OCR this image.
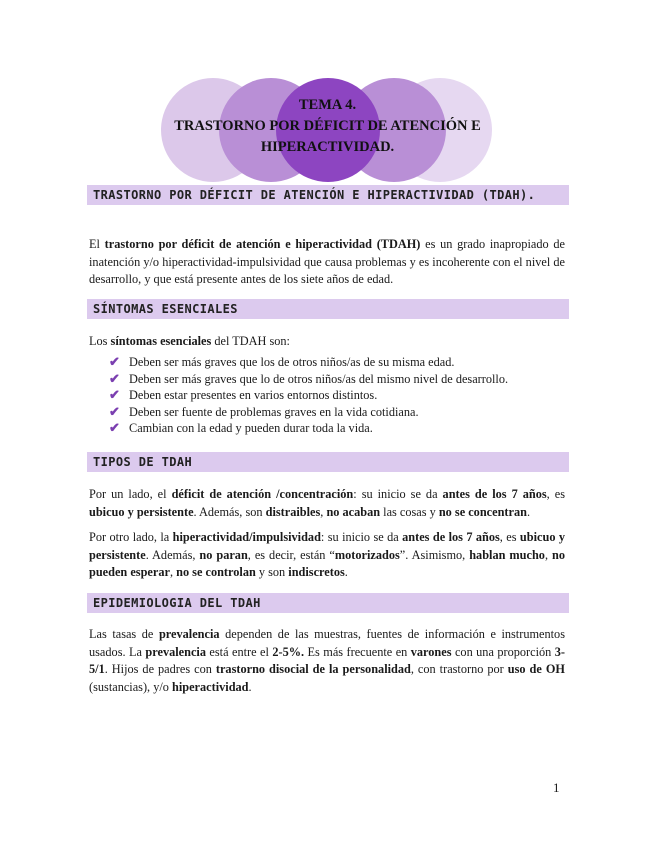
TEMA 4.
TRASTORNO POR DÉFICIT DE ATENCIÓN E
HIPERACTIVIDAD.
TRASTORNO POR DÉFICIT DE ATENCIÓN E HIPERACTIVIDAD (TDAH).
El trastorno por déficit de atención e hiperactividad (TDAH) es un grado inapropiado de inatención y/o hiperactividad-impulsividad que causa problemas y es incoherente con el nivel de desarrollo, y que está presente antes de los siete años de edad.
SÍNTOMAS ESENCIALES
Los síntomas esenciales del TDAH son:
✔ Deben ser más graves que los de otros niños/as de su misma edad.
✔ Deben ser más graves que lo de otros niños/as del mismo nivel de desarrollo.
✔ Deben estar presentes en varios entornos distintos.
✔ Deben ser fuente de problemas graves en la vida cotidiana.
✔ Cambian con la edad y pueden durar toda la vida.
TIPOS DE TDAH
Por un lado, el déficit de atención /concentración: su inicio se da antes de los 7 años, es ubicuo y persistente. Además, son distraibles, no acaban las cosas y no se concentran.
Por otro lado, la hiperactividad/impulsividad: su inicio se da antes de los 7 años, es ubicuo y persistente. Además, no paran, es decir, están “motorizados”. Asimismo, hablan mucho, no pueden esperar, no se controlan y son indiscretos.
EPIDEMIOLOGIA DEL TDAH
Las tasas de prevalencia dependen de las muestras, fuentes de información e instrumentos usados. La prevalencia está entre el 2-5%. Es más frecuente en varones con una proporción 3-5/1. Hijos de padres con trastorno disocial de la personalidad, con trastorno por uso de OH (sustancias), y/o hiperactividad.
1
